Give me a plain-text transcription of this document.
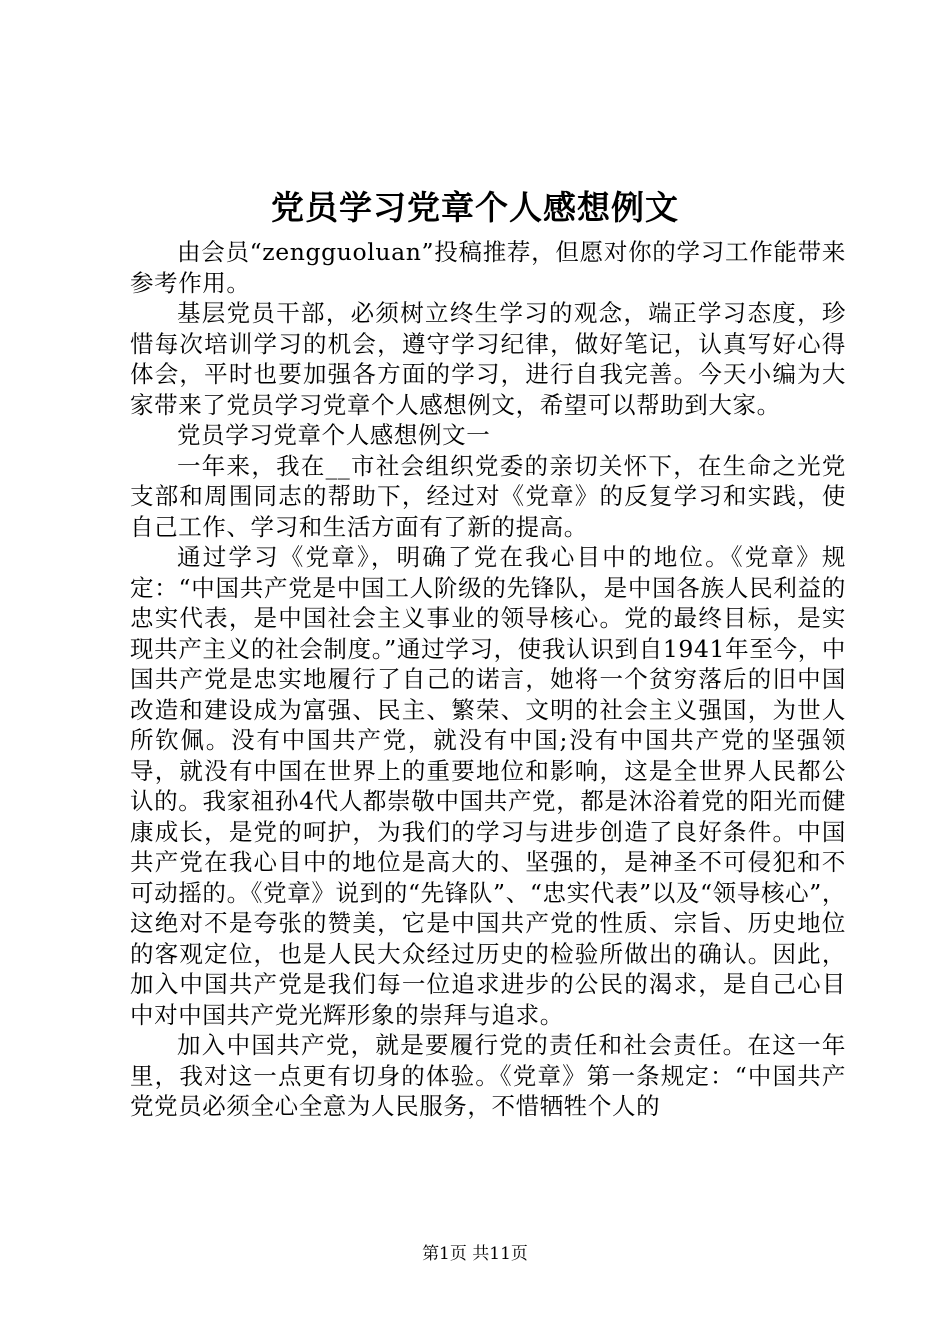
党员学习党章个人感想例文

由会员“zengguoluan”投稿推荐，但愿对你的学习工作能带来参考作用。

基层党员干部，必须树立终生学习的观念，端正学习态度，珍惜每次培训学习的机会，遵守学习纪律，做好笔记，认真写好心得体会，平时也要加强各方面的学习，进行自我完善。今天小编为大家带来了党员学习党章个人感想例文，希望可以帮助到大家。

党员学习党章个人感想例文一

一年来，我在__市社会组织党委的亲切关怀下，在生命之光党支部和周围同志的帮助下，经过对《党章》的反复学习和实践，使自己工作、学习和生活方面有了新的提高。

通过学习《党章》，明确了党在我心目中的地位。《党章》规定：“中国共产党是中国工人阶级的先锋队，是中国各族人民利益的忠实代表，是中国社会主义事业的领导核心。党的最终目标，是实现共产主义的社会制度。”通过学习，使我认识到自1941年至今，中国共产党是忠实地履行了自己的诺言，她将一个贫穷落后的旧中国改造和建设成为富强、民主、繁荣、文明的社会主义强国，为世人所钦佩。没有中国共产党，就没有中国;没有中国共产党的坚强领导，就没有中国在世界上的重要地位和影响，这是全世界人民都公认的。我家祖孙4代人都崇敬中国共产党，都是沐浴着党的阳光而健康成长，是党的呵护，为我们的学习与进步创造了良好条件。中国共产党在我心目中的地位是高大的、坚强的，是神圣不可侵犯和不可动摇的。《党章》说到的“先锋队”、“忠实代表”以及“领导核心”，这绝对不是夸张的赞美，它是中国共产党的性质、宗旨、历史地位的客观定位，也是人民大众经过历史的检验所做出的确认。因此，加入中国共产党是我们每一位追求进步的公民的渴求，是自己心目中对中国共产党光辉形象的崇拜与追求。

加入中国共产党，就是要履行党的责任和社会责任。在这一年里，我对这一点更有切身的体验。《党章》第一条规定：“中国共产党党员必须全心全意为人民服务，不惜牺牲个人的

第1页 共11页
